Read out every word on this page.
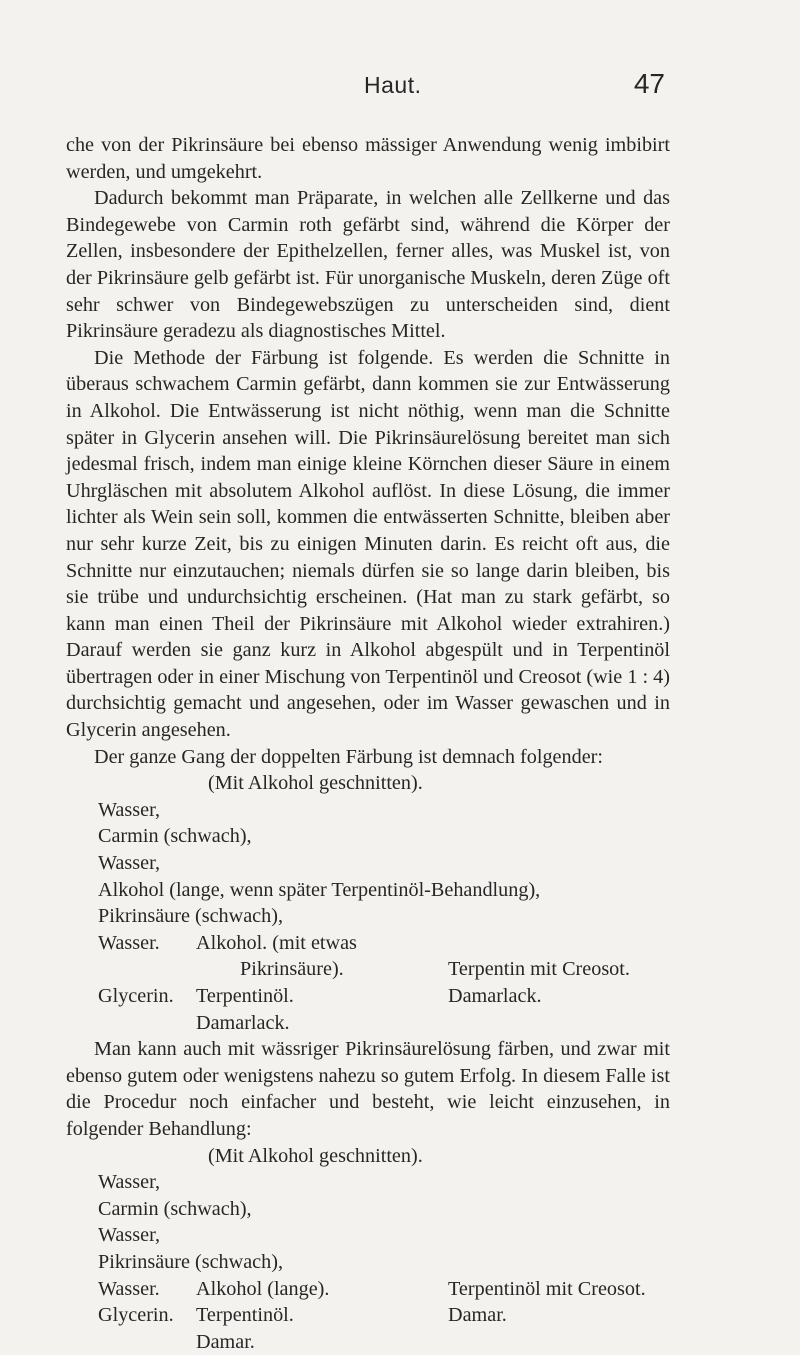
Haut.	47

che von der Pikrinsäure bei ebenso mässiger Anwendung wenig imbibirt werden, und umgekehrt.

Dadurch bekommt man Präparate, in welchen alle Zellkerne und das Bindegewebe von Carmin roth gefärbt sind, während die Körper der Zellen, insbesondere der Epithelzellen, ferner alles, was Muskel ist, von der Pikrinsäure gelb gefärbt ist. Für unorganische Muskeln, deren Züge oft sehr schwer von Bindegewebszügen zu unterscheiden sind, dient Pikrinsäure geradezu als diagnostisches Mittel.

Die Methode der Färbung ist folgende. Es werden die Schnitte in überaus schwachem Carmin gefärbt, dann kommen sie zur Entwässerung in Alkohol. Die Entwässerung ist nicht nöthig, wenn man die Schnitte später in Glycerin ansehen will. Die Pikrinsäurelösung bereitet man sich jedesmal frisch, indem man einige kleine Körnchen dieser Säure in einem Uhrgläschen mit absolutem Alkohol auflöst. In diese Lösung, die immer lichter als Wein sein soll, kommen die entwässerten Schnitte, bleiben aber nur sehr kurze Zeit, bis zu einigen Minuten darin. Es reicht oft aus, die Schnitte nur einzutauchen; niemals dürfen sie so lange darin bleiben, bis sie trübe und undurchsichtig erscheinen. (Hat man zu stark gefärbt, so kann man einen Theil der Pikrinsäure mit Alkohol wieder extrahiren.) Darauf werden sie ganz kurz in Alkohol abgespült und in Terpentinöl übertragen oder in einer Mischung von Terpentinöl und Creosot (wie 1 : 4) durchsichtig gemacht und angesehen, oder im Wasser gewaschen und in Glycerin angesehen.

Der ganze Gang der doppelten Färbung ist demnach folgender:

(Mit Alkohol geschnitten).
Wasser,
Carmin (schwach),
Wasser,
Alkohol (lange, wenn später Terpentinöl-Behandlung),
Pikrinsäure (schwach),
Wasser.	Alkohol. (mit etwas
Pikrinsäure).	Terpentin mit Creosot.
Glycerin.	Terpentinöl.	Damarlack.
Damarlack.

Man kann auch mit wässriger Pikrinsäurelösung färben, und zwar mit ebenso gutem oder wenigstens nahezu so gutem Erfolg. In diesem Falle ist die Procedur noch einfacher und besteht, wie leicht einzusehen, in folgender Behandlung:

(Mit Alkohol geschnitten).
Wasser,
Carmin (schwach),
Wasser,
Pikrinsäure (schwach),
Wasser.	Alkohol (lange).	Terpentinöl mit Creosot.
Glycerin.	Terpentinöl.	Damar.
Damar.
